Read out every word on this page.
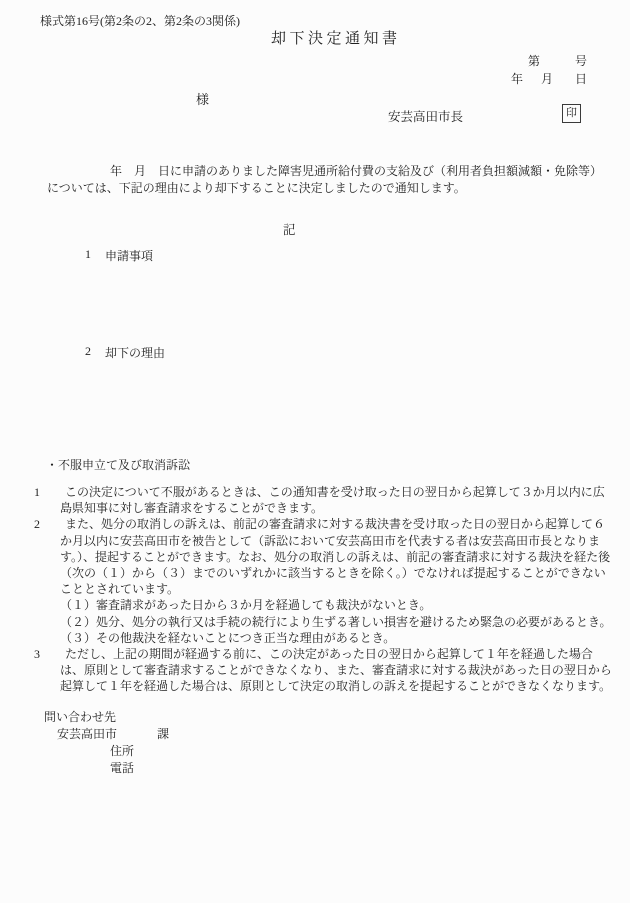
様式第16号(第2条の2、第2条の3関係)
却下決定通知書
第	号
年 月 日
様
安芸高田市長	印
年　月　日に申請のありました障害児通所給付費の支給及び（利用者負担額減額・免除等）については、下記の理由により却下することに決定しましたので通知します。
記
1	申請事項
2	却下の理由
・不服申立て及び取消訴訟
1	この決定について不服があるときは、この通知書を受け取った日の翌日から起算して３か月以内に広島県知事に対し審査請求をすることができます。
2	また、処分の取消しの訴えは、前記の審査請求に対する裁決書を受け取った日の翌日から起算して６か月以内に安芸高田市を被告として（訴訟において安芸高田市を代表する者は安芸高田市長となります。）、提起することができます。なお、処分の取消しの訴えは、前記の審査請求に対する裁決を経た後（次の（１）から（３）までのいずれかに該当するときを除く。）でなければ提起することができないこととされています。
（１）審査請求があった日から３か月を経過しても裁決がないとき。
（２）処分、処分の執行又は手続の続行により生ずる著しい損害を避けるため緊急の必要があるとき。
（３）その他裁決を経ないことにつき正当な理由があるとき。
3	ただし、上記の期間が経過する前に、この決定があった日の翌日から起算して１年を経過した場合は、原則として審査請求することができなくなり、また、審査請求に対する裁決があった日の翌日から起算して１年を経過した場合は、原則として決定の取消しの訴えを提起することができなくなります。
問い合わせ先
安芸高田市	課
住所
電話
